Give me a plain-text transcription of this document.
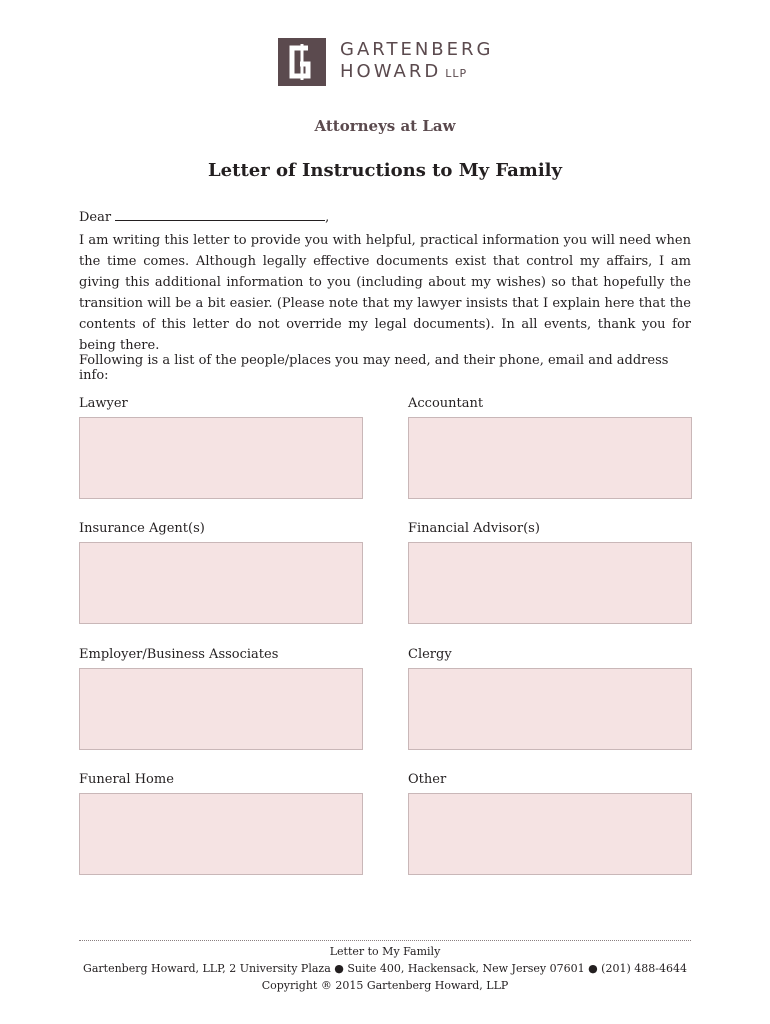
GARTENBERG
HOWARD LLP
Attorneys at Law
Letter of Instructions to My Family
Dear	,

I am writing this letter to provide you with helpful, practical information you will need when the time comes. Although legally effective documents exist that control my affairs, I am giving this additional information to you (including about my wishes) so that hopefully the transition will be a bit easier. (Please note that my lawyer insists that I explain here that the contents of this letter do not override my legal documents). In all events, thank you for being there.

Following is a list of the people/places you may need, and their phone, email and address info:

Lawyer	Accountant
Insurance Agent(s)	Financial Advisor(s)
Employer/Business Associates	Clergy
Funeral Home	Other
Letter to My Family
Gartenberg Howard, LLP, 2 University Plaza ● Suite 400, Hackensack, New Jersey 07601 ● (201) 488-4644
Copyright ® 2015 Gartenberg Howard, LLP
